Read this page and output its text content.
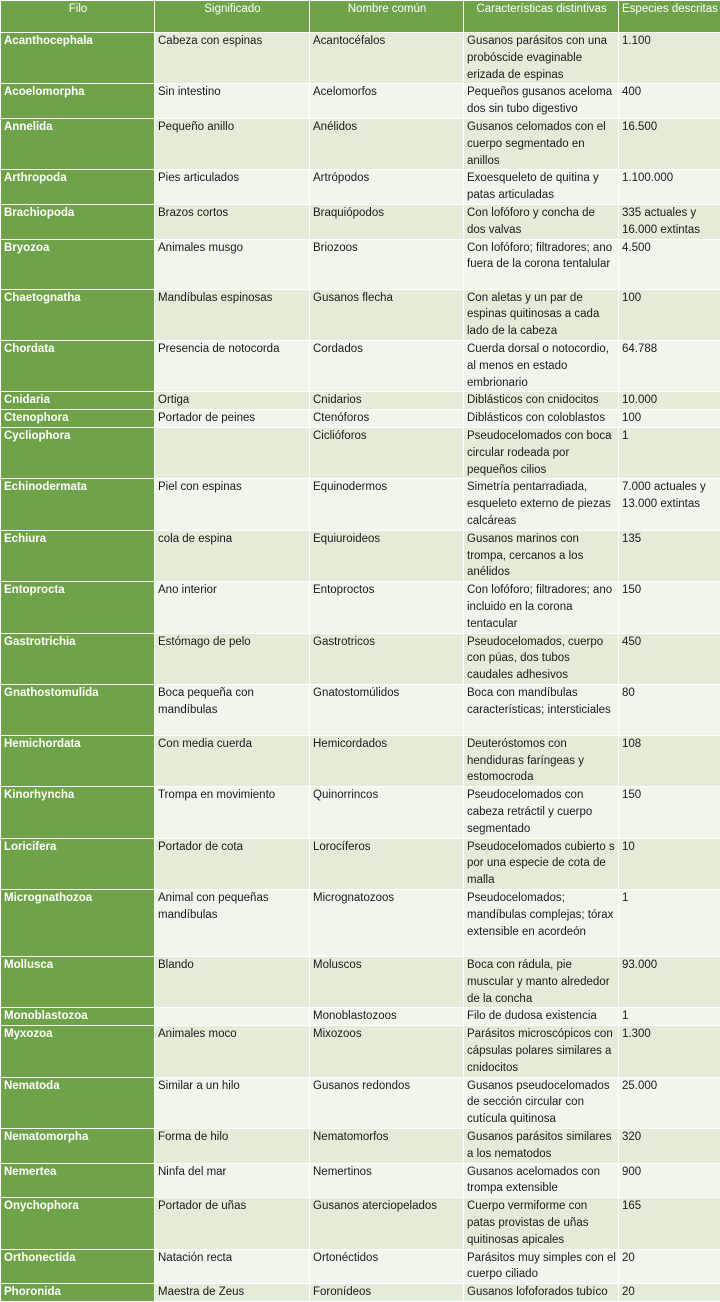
Filo	Significado	Nombre común	Características distintivas	Especies descritas
Acanthocephala	Cabeza con espinas	Acantocéfalos	Gusanos parásitos con una probóscide evaginable erizada de espinas	1.100
Acoelomorpha	Sin intestino	Acelomorfos	Pequeños gusanos aceloma dos sin tubo digestivo	400
Annelida	Pequeño anillo	Anélidos	Gusanos celomados con el cuerpo segmentado en anillos	16.500
Arthropoda	Pies articulados	Artrópodos	Exoesqueleto de quitina y patas articuladas	1.100.000
Brachiopoda	Brazos cortos	Braquiópodos	Con lofóforo y concha de dos valvas	335 actuales y 16.000 extintas
Bryozoa	Animales musgo	Briozoos	Con lofóforo; filtradores; ano fuera de la corona tentalular	4.500
Chaetognatha	Mandíbulas espinosas	Gusanos flecha	Con aletas y un par de espinas quitinosas a cada lado de la cabeza	100
Chordata	Presencia de notocorda	Cordados	Cuerda dorsal o notocordio, al menos en estado embrionario	64.788
Cnidaria	Ortiga	Cnidarios	Diblásticos con cnidocitos	10.000
Ctenophora	Portador de peines	Ctenóforos	Diblásticos con coloblastos	100
Cycliophora		Ciclióforos	Pseudocelomados con boca circular rodeada por pequeños cilios	1
Echinodermata	Piel con espinas	Equinodermos	Simetría pentarradiada, esqueleto externo de piezas calcáreas	7.000 actuales y 13.000 extintas
Echiura	cola de espina	Equiuroideos	Gusanos marinos con trompa, cercanos a los anélidos	135
Entoprocta	Ano interior	Entoproctos	Con lofóforo; filtradores; ano incluido en la corona tentacular	150
Gastrotrichia	Estómago de pelo	Gastrotricos	Pseudocelomados, cuerpo con púas, dos tubos caudales adhesivos	450
Gnathostomulida	Boca pequeña con mandíbulas	Gnatostomúlidos	Boca con mandíbulas características; intersticiales	80
Hemichordata	Con media cuerda	Hemicordados	Deuteróstomos con hendiduras faríngeas y estomocroda	108
Kinorhyncha	Trompa en movimiento	Quinorrincos	Pseudocelomados con cabeza retráctil y cuerpo segmentado	150
Loricifera	Portador de cota	Lorocíferos	Pseudocelomados cubierto s por una especie de cota de malla	10
Micrognathozoa	Animal con pequeñas mandíbulas	Micrognatozoos	Pseudocelomados; mandíbulas complejas; tórax extensible en acordeón	1
Mollusca	Blando	Moluscos	Boca con rádula, pie muscular y manto alrededor de la concha	93.000
Monoblastozoa		Monoblastozoos	Filo de dudosa existencia	1
Myxozoa	Animales moco	Mixozoos	Parásitos microscópicos con cápsulas polares similares a cnidocitos	1.300
Nematoda	Similar a un hilo	Gusanos redondos	Gusanos pseudocelomados de sección circular con cutícula quitinosa	25.000
Nematomorpha	Forma de hilo	Nematomorfos	Gusanos parásitos similares a los nematodos	320
Nemertea	Ninfa del mar	Nemertinos	Gusanos acelomados con trompa extensible	900
Onychophora	Portador de uñas	Gusanos aterciopelados	Cuerpo vermiforme con patas provistas de uñas quitinosas apicales	165
Orthonectida	Natación recta	Ortonéctidos	Parásitos muy simples con el cuerpo ciliado	20
Phoronida	Maestra de Zeus	Foronídeos	Gusanos lofoforados tubíco	20
